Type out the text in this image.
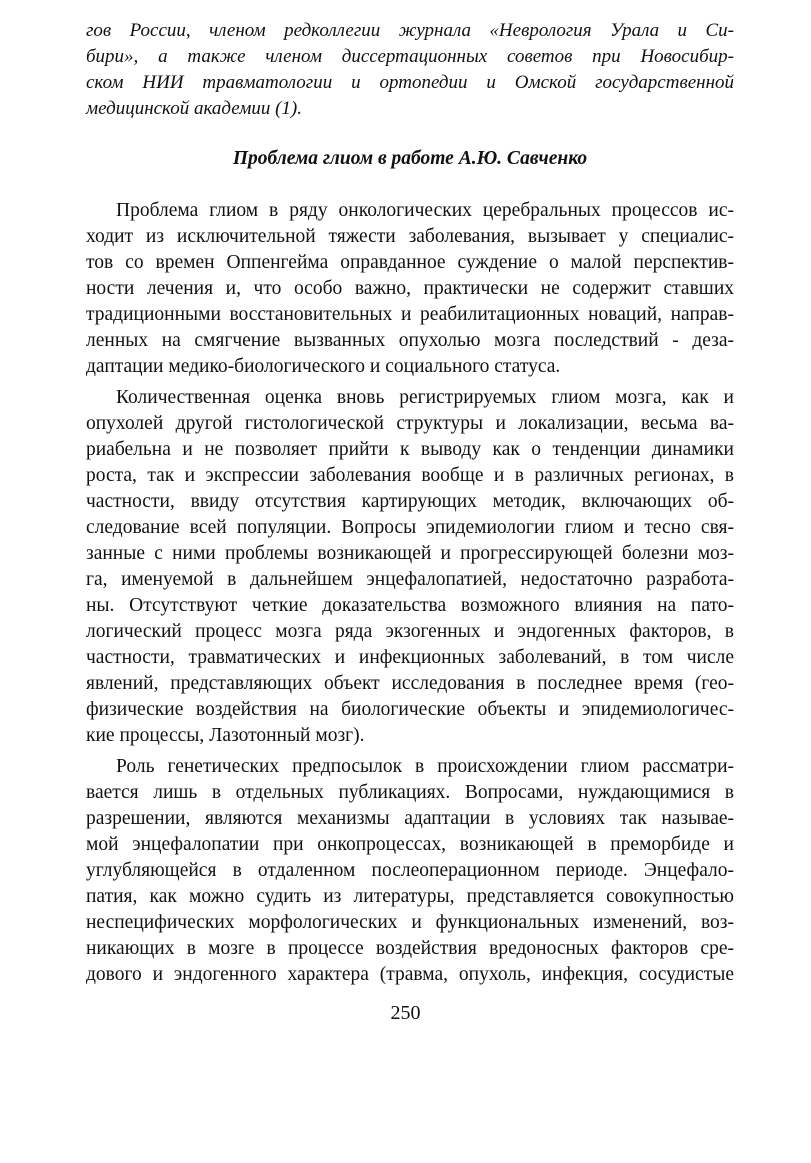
гов России, членом редколлегии журнала «Неврология Урала и Си-
бири», а также членом диссертационных советов при Новосибир-
ском НИИ травматологии и ортопедии и Омской государственной
медицинской академии (1).
Проблема глиом в работе А.Ю. Савченко
Проблема глиом в ряду онкологических церебральных процессов ис-
ходит из исключительной тяжести заболевания, вызывает у специалис-
тов со времен Оппенгейма оправданное суждение о малой перспектив-
ности лечения и, что особо важно, практически не содержит ставших
традиционными восстановительных и реабилитационных новаций, направ-
ленных на смягчение вызванных опухолью мозга последствий - деза-
даптации медико-биологического и социального статуса.
Количественная оценка вновь регистрируемых глиом мозга, как и
опухолей другой гистологической структуры и локализации, весьма ва-
риабельна и не позволяет прийти к выводу как о тенденции динамики
роста, так и экспрессии заболевания вообще и в различных регионах, в
частности, ввиду отсутствия картирующих методик, включающих об-
следование всей популяции. Вопросы эпидемиологии глиом и тесно свя-
занные с ними проблемы возникающей и прогрессирующей болезни моз-
га, именуемой в дальнейшем энцефалопатией, недостаточно разработа-
ны. Отсутствуют четкие доказательства возможного влияния на пато-
логический процесс мозга ряда экзогенных и эндогенных факторов, в
частности, травматических и инфекционных заболеваний, в том числе
явлений, представляющих объект исследования в последнее время (гео-
физические воздействия на биологические объекты и эпидемиологичес-
кие процессы, Лазотонный мозг).
Роль генетических предпосылок в происхождении глиом рассматри-
вается лишь в отдельных публикациях. Вопросами, нуждающимися в
разрешении, являются механизмы адаптации в условиях так называе-
мой энцефалопатии при онкопроцессах, возникающей в преморбиде и
углубляющейся в отдаленном послеоперационном периоде. Энцефало-
патия, как можно судить из литературы, представляется совокупностью
неспецифических морфологических и функциональных изменений, воз-
никающих в мозге в процессе воздействия вредоносных факторов сре-
дового и эндогенного характера (травма, опухоль, инфекция, сосудистые
250
